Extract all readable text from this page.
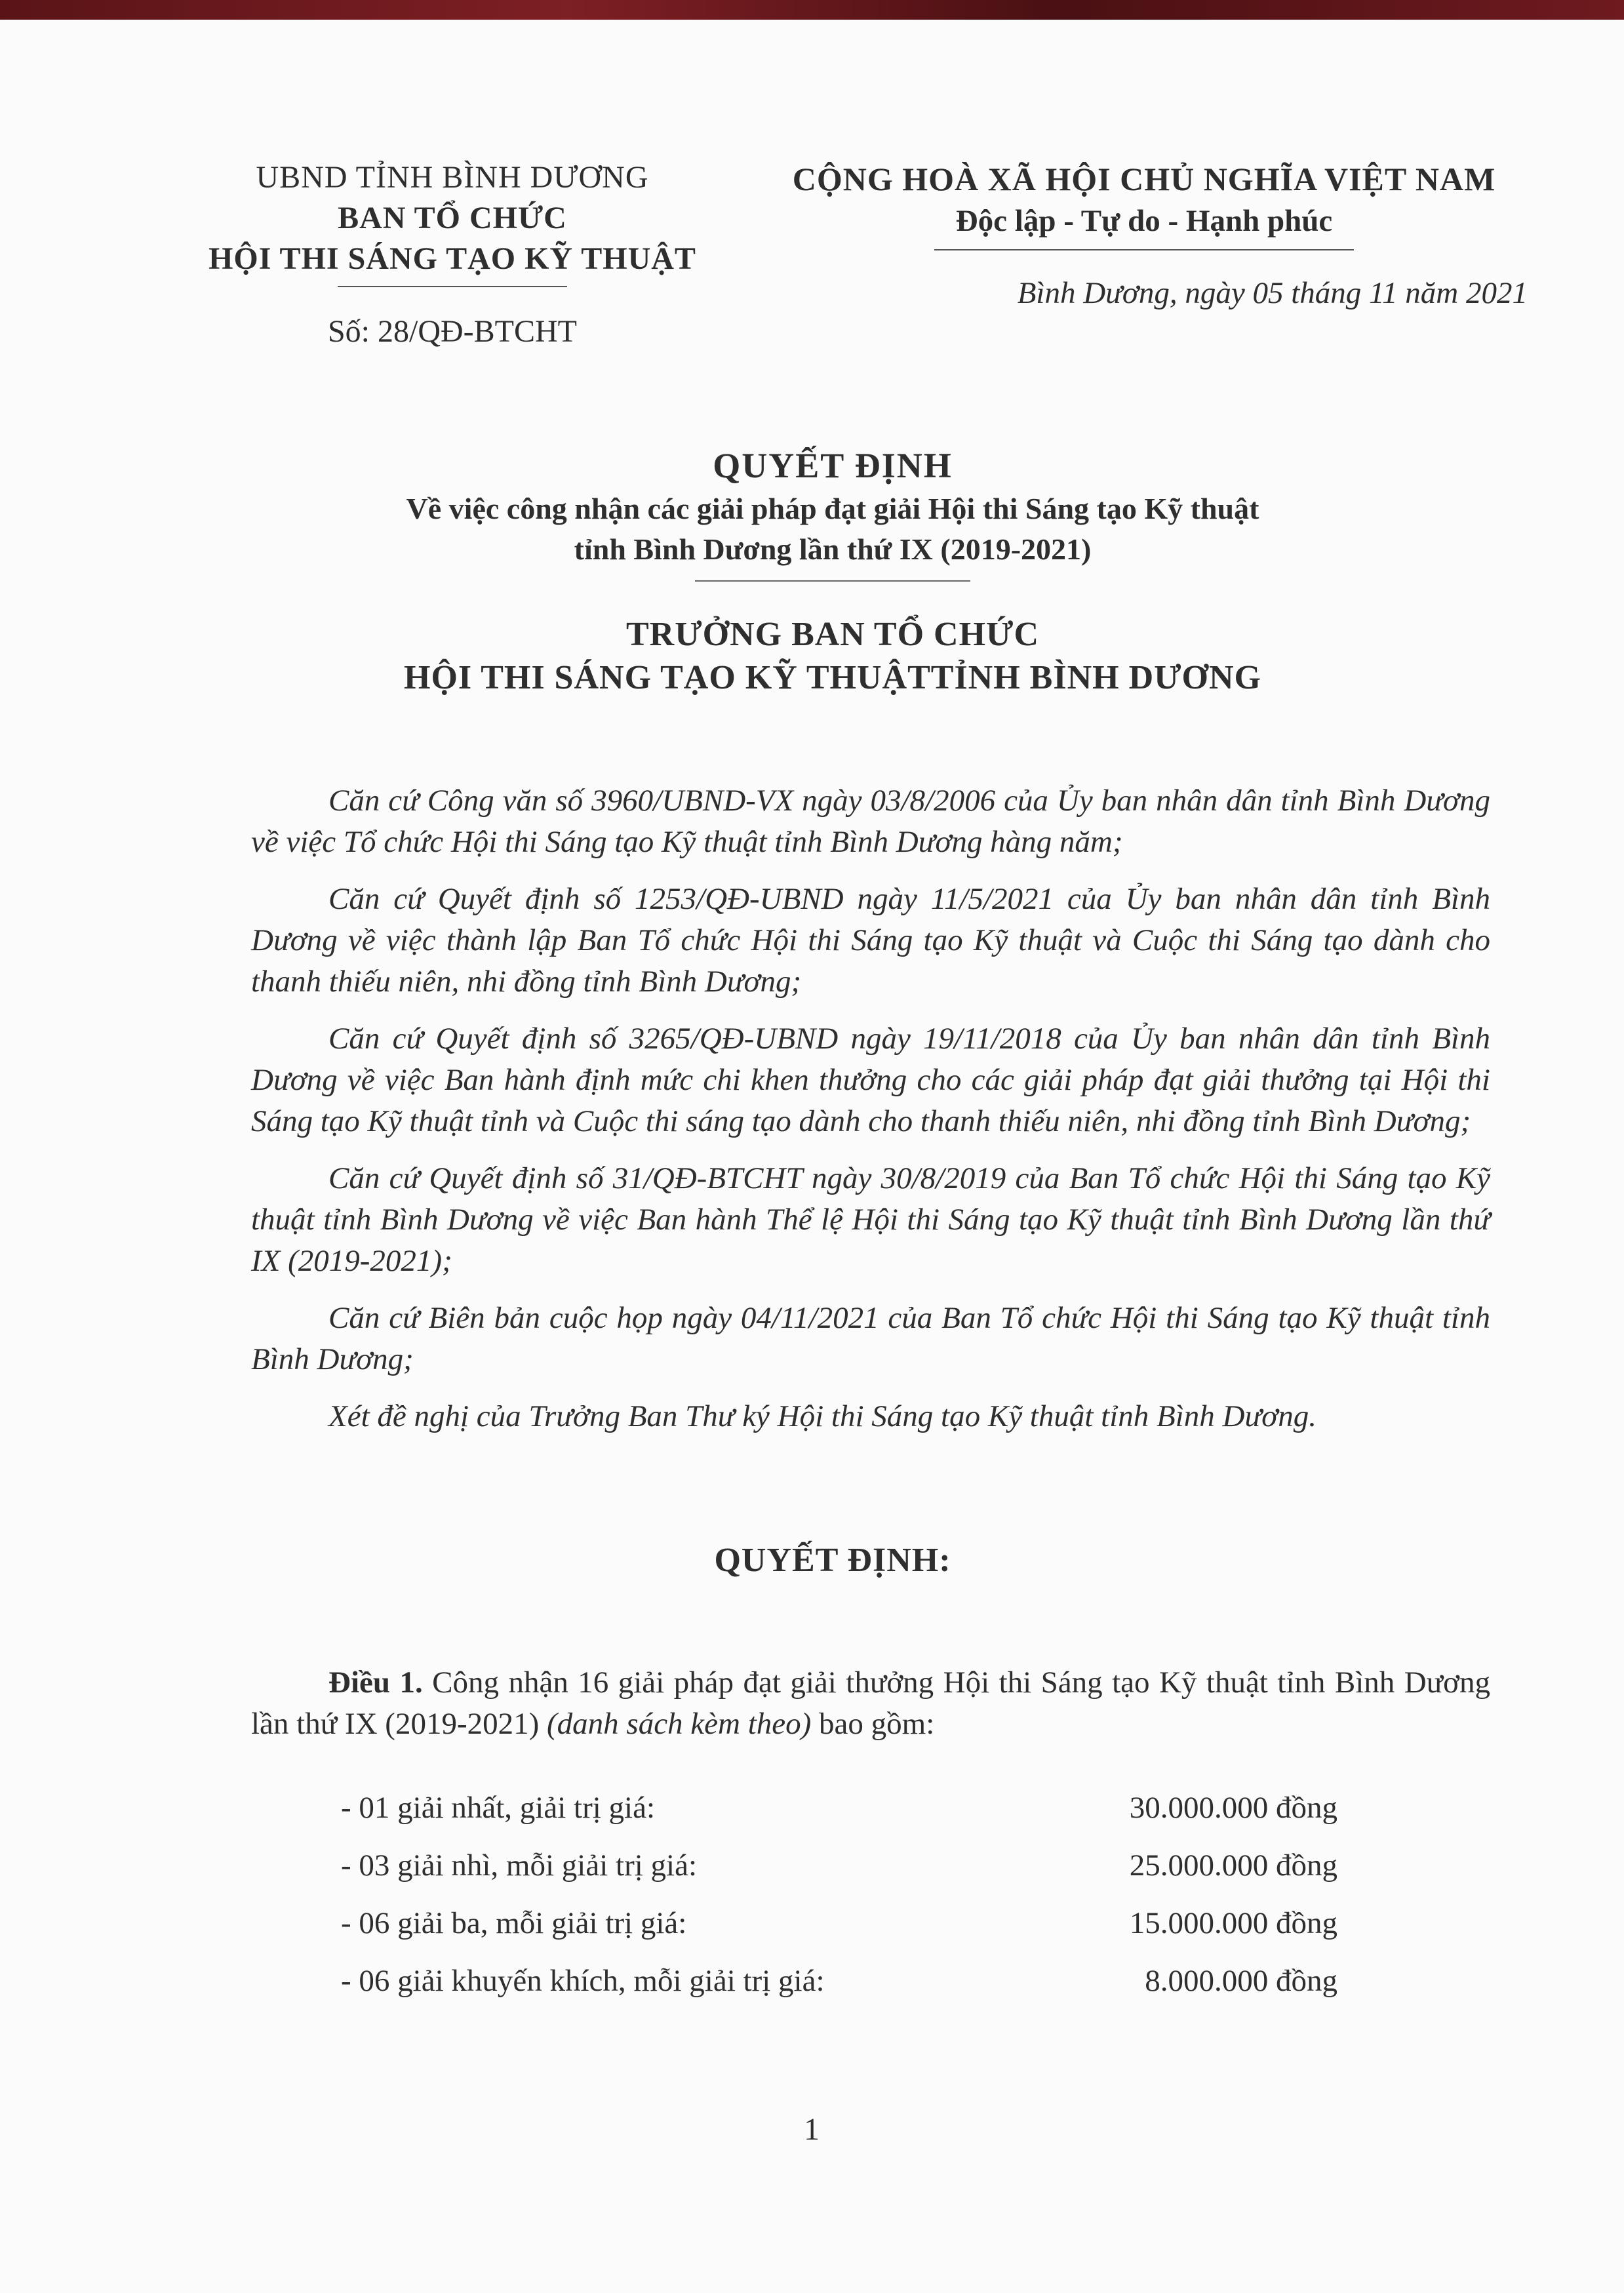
UBND TỈNH BÌNH DƯƠNG
BAN TỔ CHỨC
HỘI THI SÁNG TẠO KỸ THUẬT
Số: 28/QĐ-BTCHT
CỘNG HOÀ XÃ HỘI CHỦ NGHĨA VIỆT NAM
Độc lập - Tự do - Hạnh phúc
Bình Dương, ngày 05 tháng 11 năm 2021
QUYẾT ĐỊNH
Về việc công nhận các giải pháp đạt giải Hội thi Sáng tạo Kỹ thuật
tỉnh Bình Dương lần thứ IX (2019-2021)
TRƯỞNG BAN TỔ CHỨC
HỘI THI SÁNG TẠO KỸ THUẬTTỈNH BÌNH DƯƠNG

Căn cứ Công văn số 3960/UBND-VX ngày 03/8/2006 của Ủy ban nhân dân tỉnh Bình Dương về việc Tổ chức Hội thi Sáng tạo Kỹ thuật tỉnh Bình Dương hàng năm;

Căn cứ Quyết định số 1253/QĐ-UBND ngày 11/5/2021 của Ủy ban nhân dân tỉnh Bình Dương về việc thành lập Ban Tổ chức Hội thi Sáng tạo Kỹ thuật và Cuộc thi Sáng tạo dành cho thanh thiếu niên, nhi đồng tỉnh Bình Dương;

Căn cứ Quyết định số 3265/QĐ-UBND ngày 19/11/2018 của Ủy ban nhân dân tỉnh Bình Dương về việc Ban hành định mức chi khen thưởng cho các giải pháp đạt giải thưởng tại Hội thi Sáng tạo Kỹ thuật tỉnh và Cuộc thi sáng tạo dành cho thanh thiếu niên, nhi đồng tỉnh Bình Dương;

Căn cứ Quyết định số 31/QĐ-BTCHT ngày 30/8/2019 của Ban Tổ chức Hội thi Sáng tạo Kỹ thuật tỉnh Bình Dương về việc Ban hành Thể lệ Hội thi Sáng tạo Kỹ thuật tỉnh Bình Dương lần thứ IX (2019-2021);

Căn cứ Biên bản cuộc họp ngày 04/11/2021 của Ban Tổ chức Hội thi Sáng tạo Kỹ thuật tỉnh Bình Dương;

Xét đề nghị của Trưởng Ban Thư ký Hội thi Sáng tạo Kỹ thuật tỉnh Bình Dương.

QUYẾT ĐỊNH:

Điều 1. Công nhận 16 giải pháp đạt giải thưởng Hội thi Sáng tạo Kỹ thuật tỉnh Bình Dương lần thứ IX (2019-2021) (danh sách kèm theo) bao gồm:

- 01 giải nhất, giải trị giá:	30.000.000 đồng
- 03 giải nhì, mỗi giải trị giá:	25.000.000 đồng
- 06 giải ba, mỗi giải trị giá:	15.000.000 đồng
- 06 giải khuyến khích, mỗi giải trị giá:	8.000.000 đồng
1
